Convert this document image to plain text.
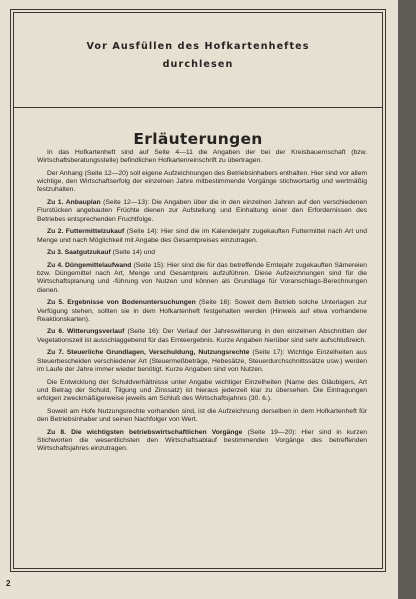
Vor Ausfüllen des Hofkartenheftes
durchlesen
Erläuterungen

In das Hofkartenheft sind auf Seite 4—11 die Angaben der bei der Kreisbauernschaft (bzw. Wirtschaftsberatungsstelle) befindlichen Hofkartenreinschrift zu übertragen.

Der Anhang (Seite 12—20) soll eigene Aufzeichnungen des Betriebsinhabers enthalten. Hier sind vor allem wichtige, den Wirtschaftserfolg der einzelnen Jahre mitbestimmende Vorgänge stichwortartig und wertmäßig festzuhalten.

Zu 1. Anbauplan (Seite 12—13): Die Angaben über die in den einzelnen Jahren auf den verschiedenen Flurstücken angebauten Früchte dienen zur Aufstellung und Einhaltung einer den Erfordernissen des Betriebes entsprechenden Fruchtfolge.

Zu 2. Futtermittelzukauf (Seite 14): Hier sind die im Kalenderjahr zugekauften Futtermittel nach Art und Menge und nach Möglichkeit mit Angabe des Gesamtpreises einzutragen.

Zu 3. Saatgutzukauf (Seite 14) und

Zu 4. Düngemittelaufwand (Seite 15): Hier sind die für das betreffende Erntejahr zugekauften Sämereien bzw. Düngemittel nach Art, Menge und Gesamtpreis aufzuführen. Diese Aufzeichnungen sind für die Wirtschaftsplanung und -führung von Nutzen und können als Grundlage für Voranschlags-Berechnungen dienen.

Zu 5. Ergebnisse von Bodenuntersuchungen (Seite 16): Soweit dem Betrieb solche Unterlagen zur Verfügung stehen, sollten sie in dem Hofkartenheft festgehalten werden (Hinweis auf etwa vorhandene Reaktionskarten).

Zu 6. Witterungsverlauf (Seite 16): Der Verlauf der Jahreswitterung in den einzelnen Abschnitten der Vegetationszeit ist ausschlaggebend für das Ernteergebnis. Kurze Angaben hierüber sind sehr aufschlußreich.

Zu 7. Steuerliche Grundlagen, Verschuldung, Nutzungsrechte (Seite 17): Wichtige Einzelheiten aus Steuerbescheiden verschiedener Art (Steuermeßbeträge, Hebesätze, Steuerdurchschnittssätze usw.) werden im Laufe der Jahre immer wieder benötigt. Kurze Angaben sind von Nutzen.

Die Entwicklung der Schuldverhältnisse unter Angabe wichtiger Einzelheiten (Name des Gläubigers, Art und Betrag der Schuld, Tilgung und Zinssatz) ist hieraus jederzeit klar zu übersehen. Die Eintragungen erfolgen zweckmäßigerweise jeweils am Schluß des Wirtschaftsjahres (30. 6.).

Soweit am Hofe Nutzungsrechte vorhanden sind, ist die Aufzeichnung derselben in dem Hofkartenheft für den Betriebsinhaber und seinen Nachfolger von Wert.

Zu 8. Die wichtigsten betriebswirtschaftlichen Vorgänge (Seite 19—20): Hier sind in kurzen Stichworten die wesentlichsten den Wirtschaftsablauf bestimmenden Vorgänge des betreffenden Wirtschaftsjahres einzutragen.

2
